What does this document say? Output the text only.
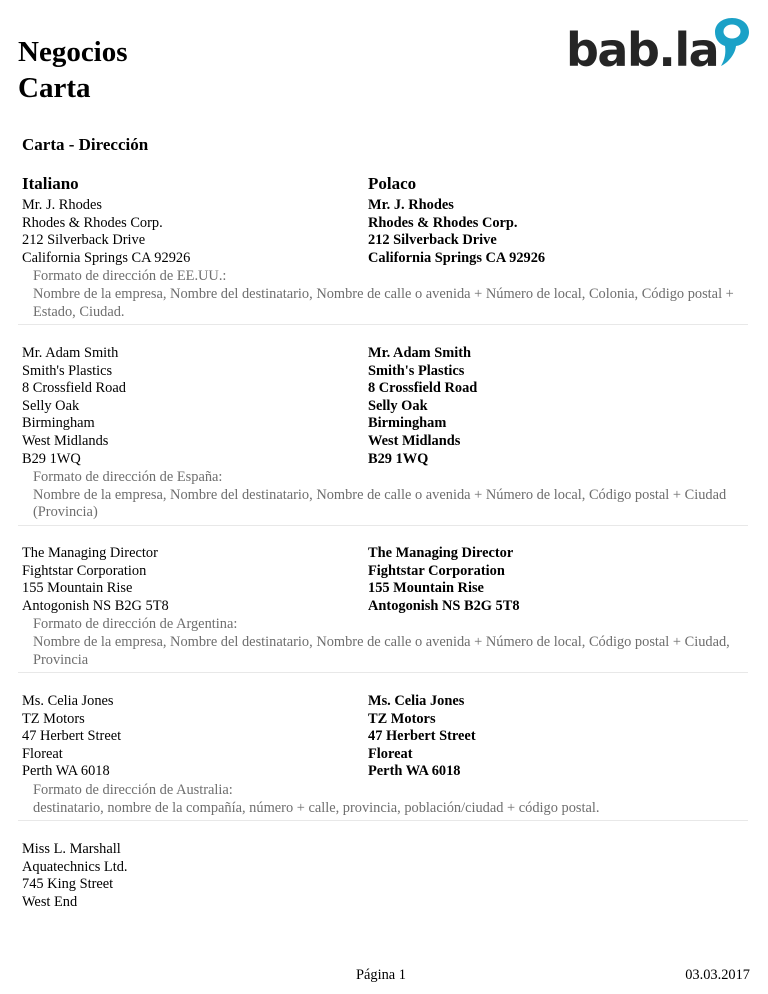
Negocios
Carta
bab.la
Carta - Dirección
Italiano	Polaco
Mr. J. Rhodes
Rhodes & Rhodes Corp.
212 Silverback Drive
California Springs CA 92926
Mr. J. Rhodes
Rhodes & Rhodes Corp.
212 Silverback Drive
California Springs CA 92926
Formato de dirección de EE.UU.:
Nombre de la empresa, Nombre del destinatario, Nombre de calle o avenida + Número de local, Colonia, Código postal + Estado, Ciudad.
Mr. Adam Smith
Smith's Plastics
8 Crossfield Road
Selly Oak
Birmingham
West Midlands
B29 1WQ
Mr. Adam Smith
Smith's Plastics
8 Crossfield Road
Selly Oak
Birmingham
West Midlands
B29 1WQ
Formato de dirección de España:
Nombre de la empresa, Nombre del destinatario, Nombre de calle o avenida + Número de local, Código postal + Ciudad (Provincia)
The Managing Director
Fightstar Corporation
155 Mountain Rise
Antogonish NS B2G 5T8
The Managing Director
Fightstar Corporation
155 Mountain Rise
Antogonish NS B2G 5T8
Formato de dirección de Argentina:
Nombre de la empresa, Nombre del destinatario, Nombre de calle o avenida + Número de local, Código postal + Ciudad, Provincia
Ms. Celia Jones
TZ Motors
47 Herbert Street
Floreat
Perth WA 6018
Ms. Celia Jones
TZ Motors
47 Herbert Street
Floreat
Perth WA 6018
Formato de dirección de Australia:
destinatario, nombre de la compañía, número + calle, provincia, población/ciudad + código postal.
Miss L. Marshall
Aquatechnics Ltd.
745 King Street
West End
Página 1	03.03.2017
